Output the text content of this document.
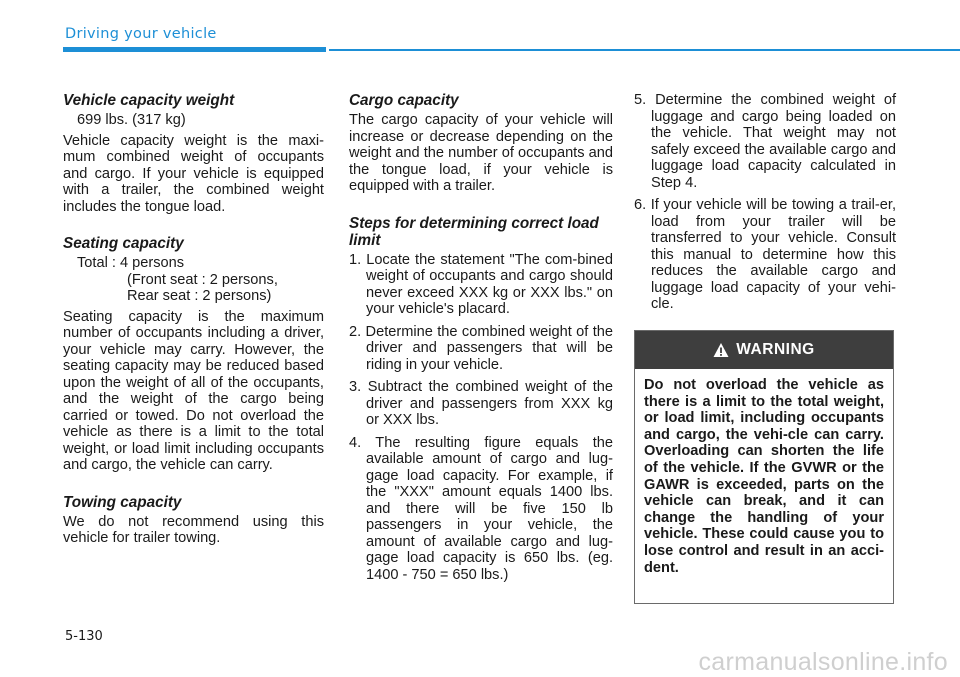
Driving your vehicle
Vehicle capacity weight
699 lbs. (317 kg)

Vehicle capacity weight is the maxi-mum combined weight of occupants and cargo. If your vehicle is equipped with a trailer, the combined weight includes the tongue load.

Seating capacity
Total : 4 persons
(Front seat : 2 persons,
Rear seat : 2 persons)

Seating capacity is the maximum number of occupants including a driver, your vehicle may carry. However, the seating capacity may be reduced based upon the weight of all of the occupants, and the weight of the cargo being carried or towed. Do not overload the vehicle as there is a limit to the total weight, or load limit including occupants and cargo, the vehicle can carry.

Towing capacity

We do not recommend using this vehicle for trailer towing.

Cargo capacity

The cargo capacity of your vehicle will increase or decrease depending on the weight and the number of occupants and the tongue load, if your vehicle is equipped with a trailer.

Steps for determining correct load limit
1. Locate the statement "The com-bined weight of occupants and cargo should never exceed XXX kg or XXX lbs." on your vehicle's placard.
2. Determine the combined weight of the driver and passengers that will be riding in your vehicle.
3. Subtract the combined weight of the driver and passengers from XXX kg or XXX lbs.
4. The resulting figure equals the available amount of cargo and lug-gage load capacity. For example, if the "XXX" amount equals 1400 lbs. and there will be five 150 lb passengers in your vehicle, the amount of available cargo and lug-gage load capacity is 650 lbs. (eg. 1400 - 750 = 650 lbs.)
5. Determine the combined weight of luggage and cargo being loaded on the vehicle. That weight may not safely exceed the available cargo and luggage load capacity calculated in Step 4.
6. If your vehicle will be towing a trail-er, load from your trailer will be transferred to your vehicle. Consult this manual to determine how this reduces the available cargo and luggage load capacity of your vehi-cle.
WARNING
Do not overload the vehicle as there is a limit to the total weight, or load limit, including occupants and cargo, the vehi-cle can carry. Overloading can shorten the life of the vehicle. If the GVWR or the GAWR is exceeded, parts on the vehicle can break, and it can change the handling of your vehicle. These could cause you to lose control and result in an acci-dent.
5-130
carmanualsonline.info
